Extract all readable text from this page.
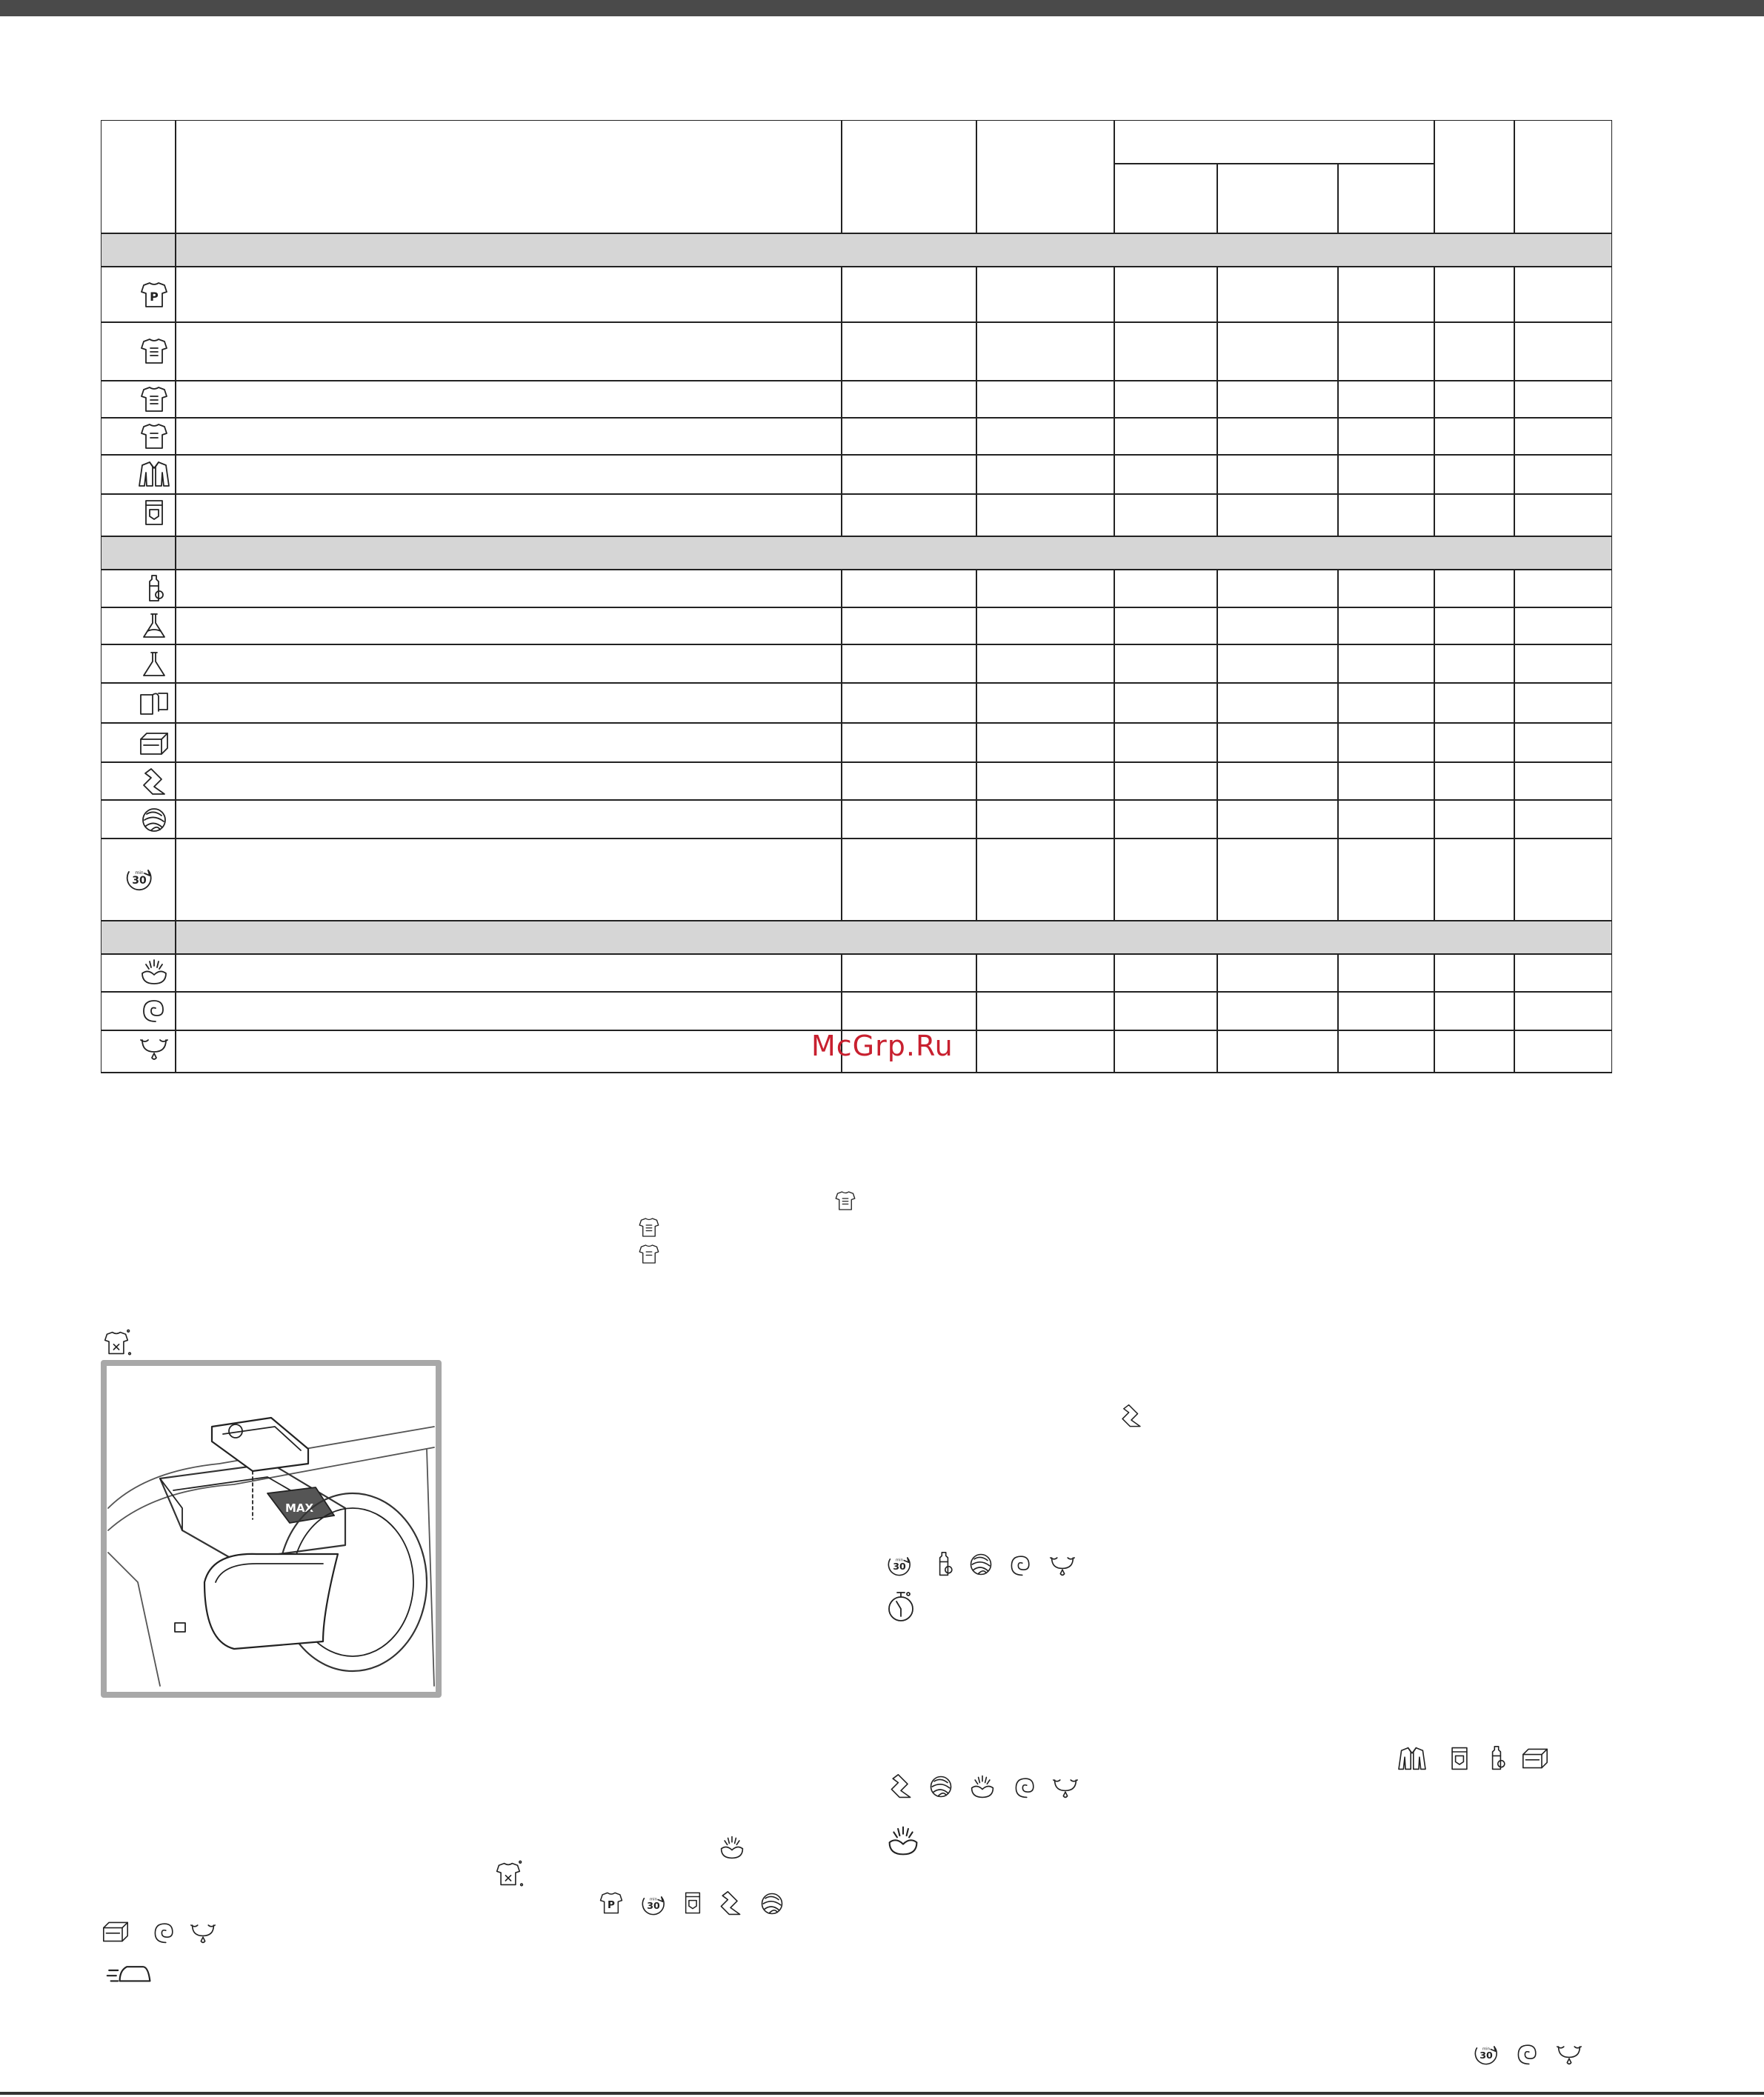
P
McGrp.Ru
MAX
P
